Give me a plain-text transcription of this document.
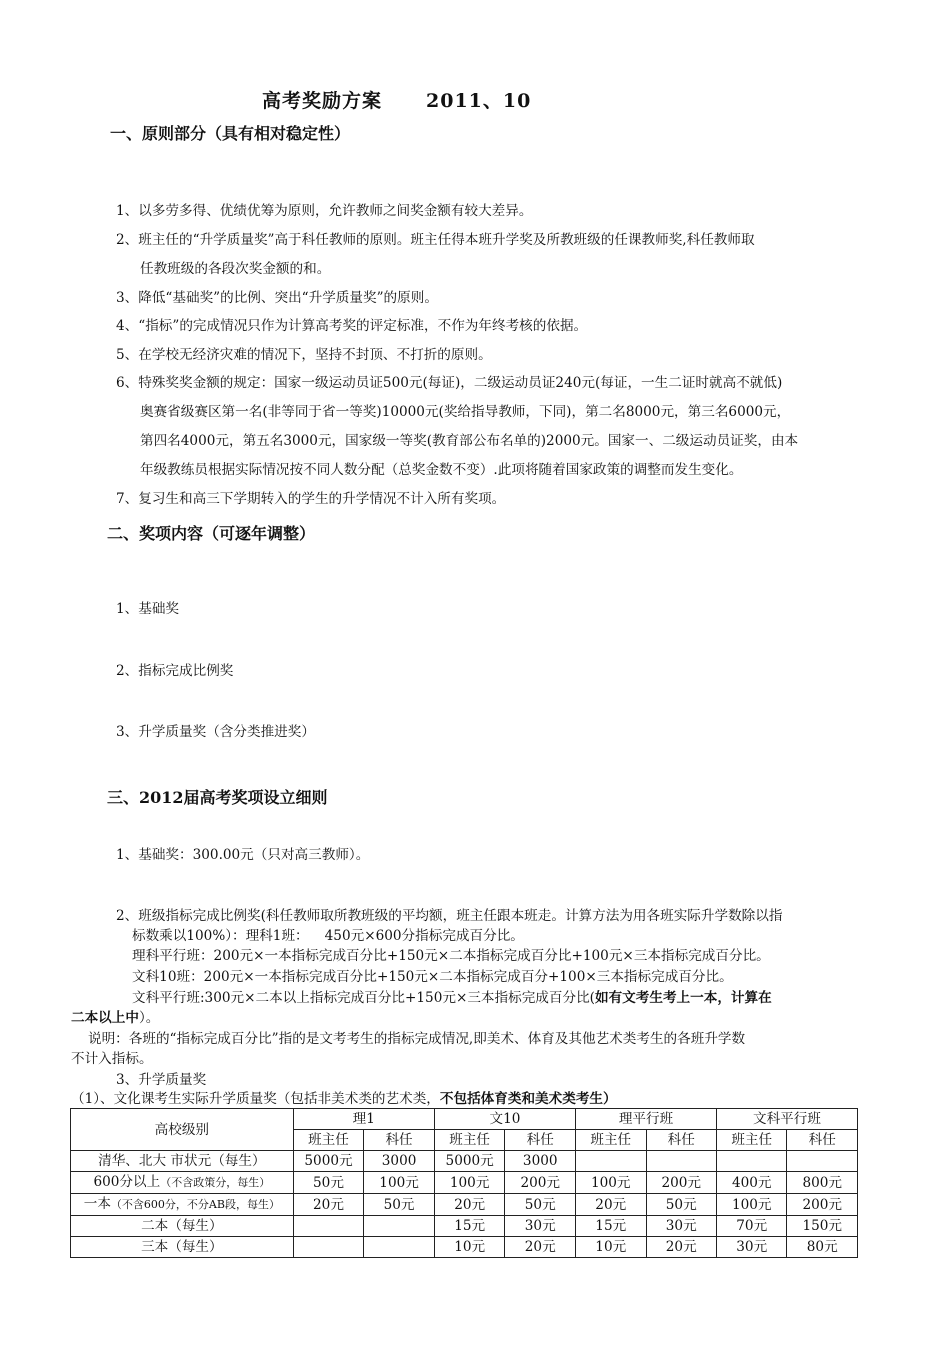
高考奖励方案 2011、10
一、原则部分（具有相对稳定性）
1、以多劳多得、优绩优筹为原则，允许教师之间奖金额有较大差异。
2、班主任的“升学质量奖”高于科任教师的原则。班主任得本班升学奖及所教班级的任课教师奖,科任教师取
任教班级的各段次奖金额的和。
3、降低“基础奖”的比例、突出“升学质量奖”的原则。
4、“指标”的完成情况只作为计算高考奖的评定标准，不作为年终考核的依据。
5、在学校无经济灾难的情况下，坚持不封顶、不打折的原则。
6、特殊奖奖金额的规定：国家一级运动员证500元(每证)，二级运动员证240元(每证，一生二证时就高不就低)
奥赛省级赛区第一名(非等同于省一等奖)10000元(奖给指导教师，下同)，第二名8000元，第三名6000元，
第四名4000元，第五名3000元，国家级一等奖(教育部公布名单的)2000元。国家一、二级运动员证奖，由本
年级教练员根据实际情况按不同人数分配（总奖金数不变）.此项将随着国家政策的调整而发生变化。
7、复习生和高三下学期转入的学生的升学情况不计入所有奖项。
二、奖项内容（可逐年调整）
1、基础奖
2、指标完成比例奖
3、升学质量奖（含分类推进奖）
三、2012届高考奖项设立细则
1、基础奖：300.00元（只对高三教师）。
2、班级指标完成比例奖(科任教师取所教班级的平均额，班主任跟本班走。计算方法为用各班实际升学数除以指
标数乘以100%）：理科1班： 450元×600分指标完成百分比。
理科平行班：200元×一本指标完成百分比+150元×二本指标完成百分比+100元×三本指标完成百分比。
文科10班：200元×一本指标完成百分比+150元×二本指标完成百分+100×三本指标完成百分比。
文科平行班:300元×二本以上指标完成百分比+150元×三本指标完成百分比(如有文考生考上一本，计算在
二本以上中）。
说明：各班的“指标完成百分比”指的是文考考生的指标完成情况,即美术、体育及其他艺术类考生的各班升学数
不计入指标。
3、升学质量奖
（1）、文化课考生实际升学质量奖（包括非美术类的艺术类，不包括体育类和美术类考生）
高校级别	理1		文10		理平行班		文科平行班	
	班主任	科任	班主任	科任	班主任	科任	班主任	科任
清华、北大 市状元（每生）	5000元	3000	5000元	3000				
600分以上（不含政策分，每生）	50元	100元	100元	200元	100元	200元	400元	800元
一本（不含600分，不分AB段，每生）	20元	50元	20元	50元	20元	50元	100元	200元
二本（每生）			15元	30元	15元	30元	70元	150元
三本（每生）			10元	20元	10元	20元	30元	80元
